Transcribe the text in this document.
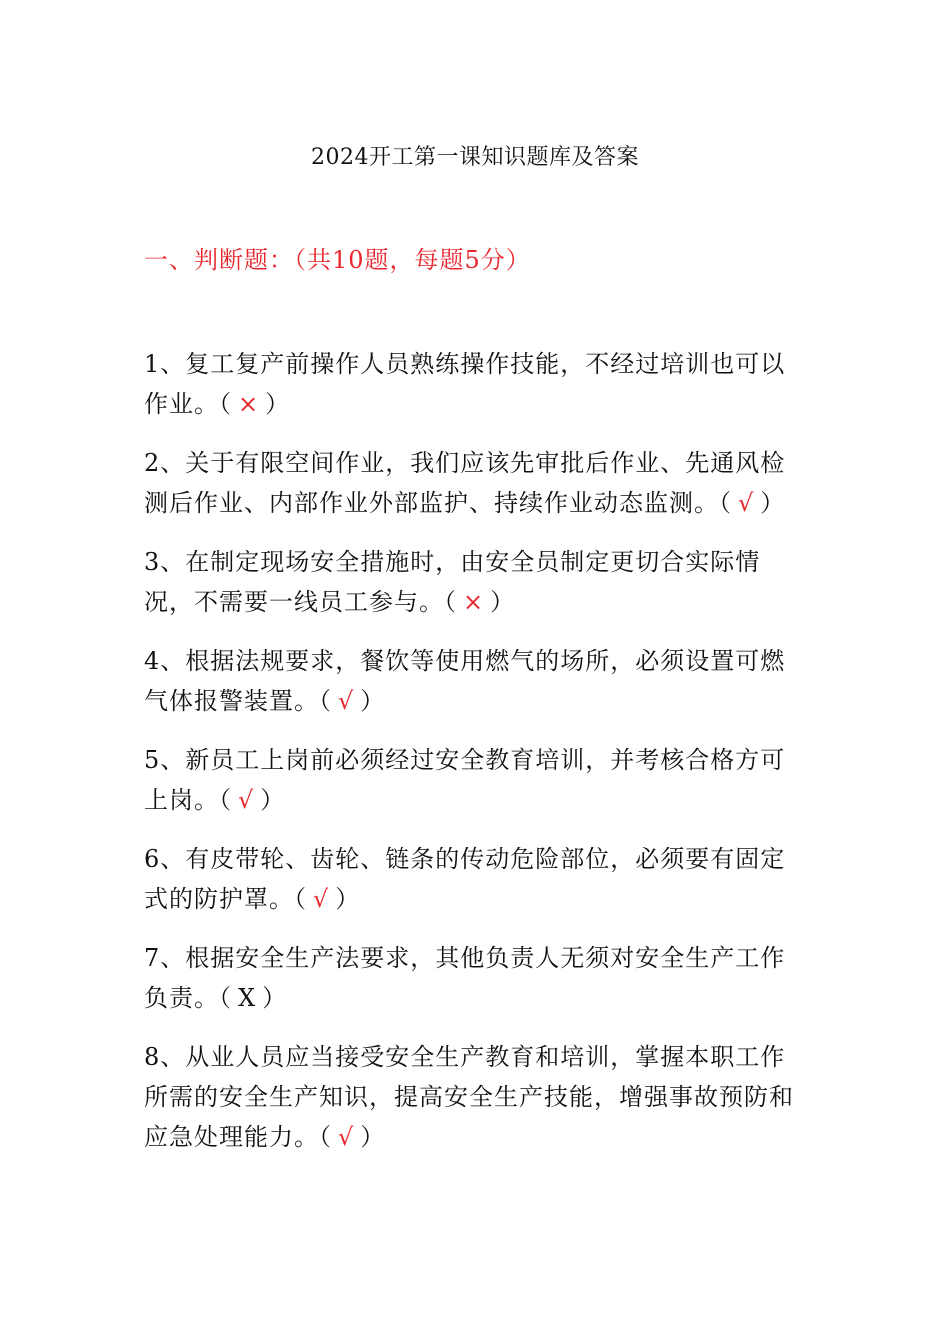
2024开工第一课知识题库及答案
一、判断题：（共10题，每题5分）
1、复工复产前操作人员熟练操作技能，不经过培训也可以作业。（ × ）
2、关于有限空间作业，我们应该先审批后作业、先通风检测后作业、内部作业外部监护、持续作业动态监测。（ √ ）
3、在制定现场安全措施时，由安全员制定更切合实际情况，不需要一线员工参与。（ × ）
4、根据法规要求，餐饮等使用燃气的场所，必须设置可燃气体报警装置。（ √ ）
5、新员工上岗前必须经过安全教育培训，并考核合格方可上岗。（ √ ）
6、有皮带轮、齿轮、链条的传动危险部位，必须要有固定式的防护罩。（ √ ）
7、根据安全生产法要求，其他负责人无须对安全生产工作负责。（ X ）
8、从业人员应当接受安全生产教育和培训，掌握本职工作所需的安全生产知识，提高安全生产技能，增强事故预防和应急处理能力。（ √ ）
